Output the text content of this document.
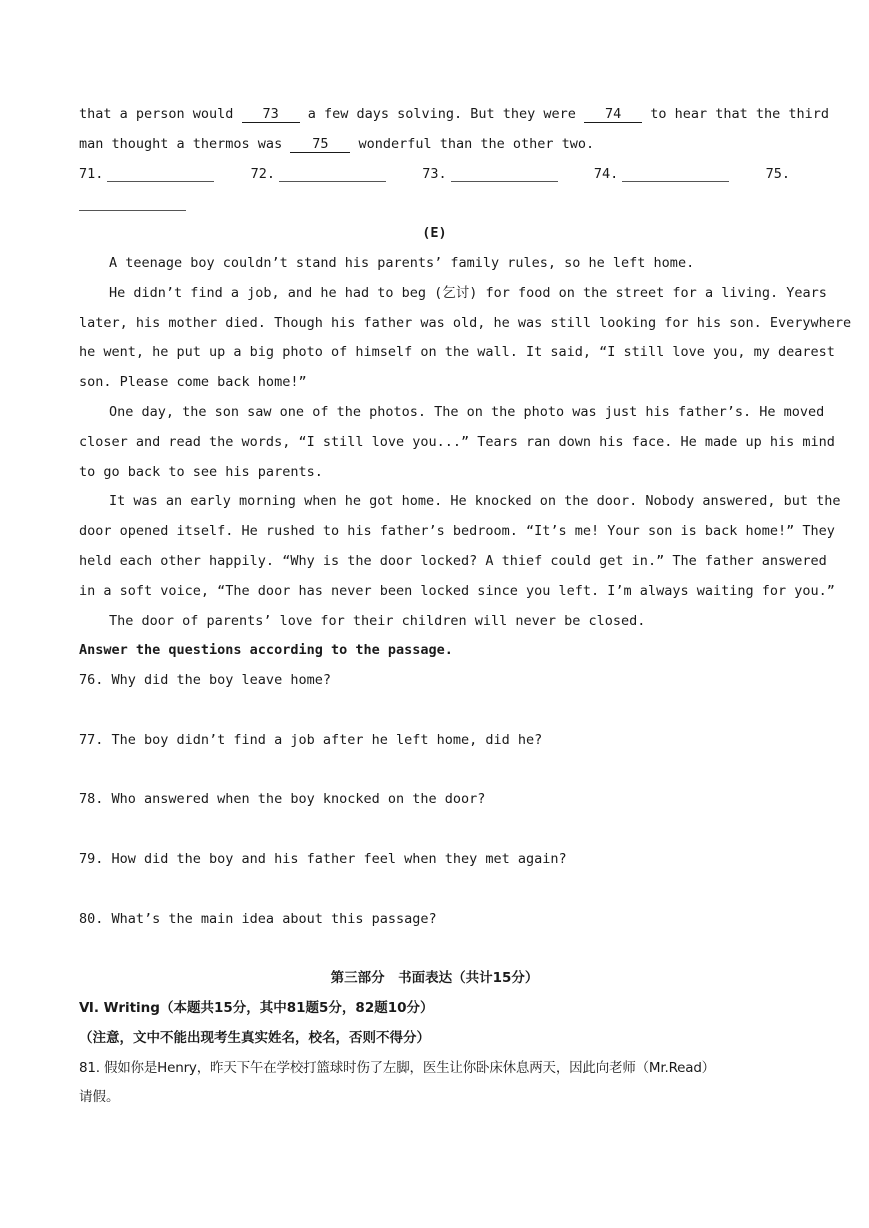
that a person would 73 a few days solving. But they were 74 to hear that the third
man thought a thermos was 75 wonderful than the other two.
71.	72.	73.	74.	75.
(E)
A teenage boy couldn’t stand his parents’ family rules, so he left home.
He didn’t find a job, and he had to beg (乞讨) for food on the street for a living. Years
later, his mother died. Though his father was old, he was still looking for his son. Everywhere
he went, he put up a big photo of himself on the wall. It said, “I still love you, my dearest
son. Please come back home!”
One day, the son saw one of the photos. The on the photo was just his father’s. He moved
closer and read the words, “I still love you...” Tears ran down his face. He made up his mind
to go back to see his parents.
It was an early morning when he got home. He knocked on the door. Nobody answered, but the
door opened itself. He rushed to his father’s bedroom. “It’s me! Your son is back home!” They
held each other happily. “Why is the door locked? A thief could get in.” The father answered
in a soft voice, “The door has never been locked since you left. I’m always waiting for you.”
The door of parents’ love for their children will never be closed.
Answer the questions according to the passage.
76. Why did the boy leave home?
77. The boy didn’t find a job after he left home, did he?
78. Who answered when the boy knocked on the door?
79. How did the boy and his father feel when they met again?
80. What’s the main idea about this passage?
第三部分　书面表达（共计15分）
Ⅵ. Writing（本题共15分，其中81题5分，82题10分）
（注意，文中不能出现考生真实姓名，校名，否则不得分）
81. 假如你是Henry，昨天下午在学校打篮球时伤了左脚，医生让你卧床休息两天，因此向老师（Mr.Read）
请假。
